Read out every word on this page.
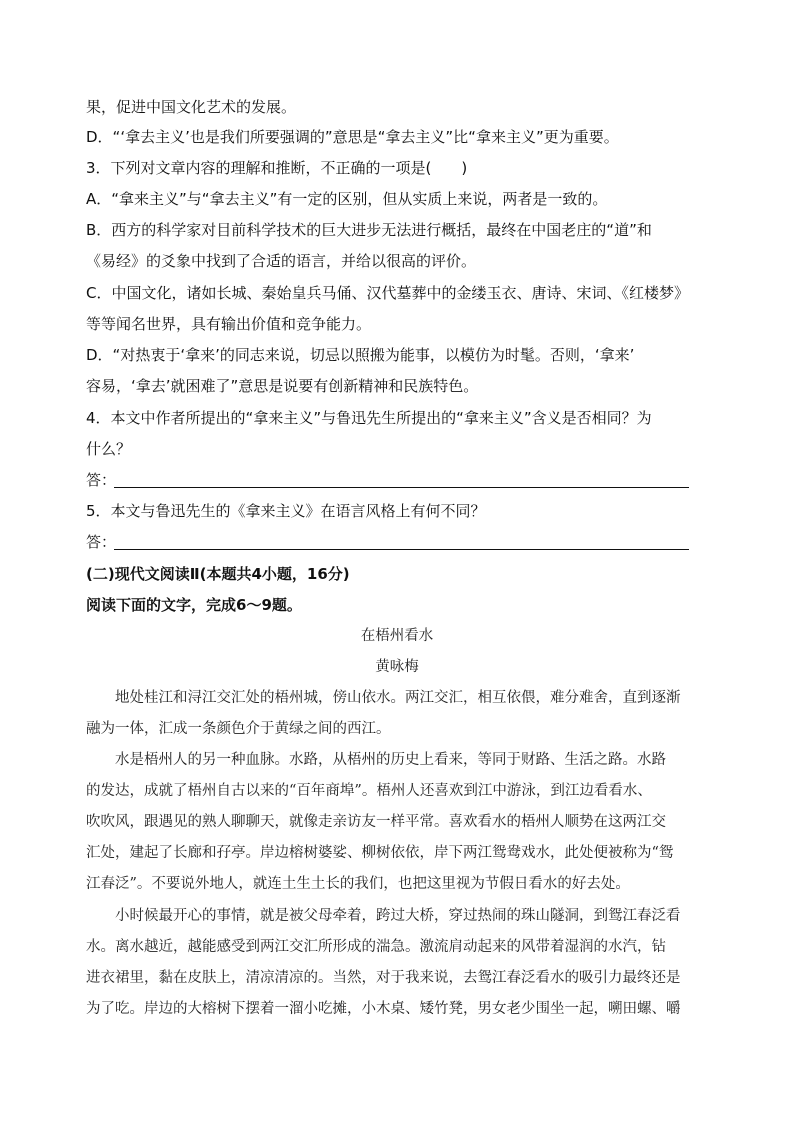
果，促进中国文化艺术的发展。
D．“‘拿去主义’也是我们所要强调的”意思是“拿去主义”比“拿来主义”更为重要。
3．下列对文章内容的理解和推断，不正确的一项是(　　)
A．“拿来主义”与“拿去主义”有一定的区别，但从实质上来说，两者是一致的。
B．西方的科学家对目前科学技术的巨大进步无法进行概括，最终在中国老庄的“道”和
《易经》的爻象中找到了合适的语言，并给以很高的评价。
C．中国文化，诸如长城、秦始皇兵马俑、汉代墓葬中的金缕玉衣、唐诗、宋词、《红楼梦》
等等闻名世界，具有输出价值和竞争能力。
D．“对热衷于‘拿来’的同志来说，切忌以照搬为能事，以模仿为时髦。否则，‘拿来’
容易，‘拿去’就困难了”意思是说要有创新精神和民族特色。
4．本文中作者所提出的“拿来主义”与鲁迅先生所提出的“拿来主义”含义是否相同？为
什么？
答：
5．本文与鲁迅先生的《拿来主义》在语言风格上有何不同？
答：
(二)现代文阅读Ⅱ(本题共4小题，16分)
阅读下面的文字，完成6～9题。
在梧州看水
黄咏梅
　　地处桂江和浔江交汇处的梧州城，傍山依水。两江交汇，相互依偎，难分难舍，直到逐渐
融为一体，汇成一条颜色介于黄绿之间的西江。
　　水是梧州人的另一种血脉。水路，从梧州的历史上看来，等同于财路、生活之路。水路
的发达，成就了梧州自古以来的“百年商埠”。梧州人还喜欢到江中游泳，到江边看看水、
吹吹风，跟遇见的熟人聊聊天，就像走亲访友一样平常。喜欢看水的梧州人顺势在这两江交
汇处，建起了长廊和孖亭。岸边榕树婆娑、柳树依依，岸下两江鸳鸯戏水，此处便被称为“鸳
江春泛”。不要说外地人，就连土生土长的我们，也把这里视为节假日看水的好去处。
　　小时候最开心的事情，就是被父母牵着，跨过大桥，穿过热闹的珠山隧洞，到鸳江春泛看
水。离水越近，越能感受到两江交汇所形成的湍急。激流肩动起来的风带着湿润的水汽，钻
进衣裙里，黏在皮肤上，清凉清凉的。当然，对于我来说，去鸳江春泛看水的吸引力最终还是
为了吃。岸边的大榕树下摆着一溜小吃摊，小木桌、矮竹凳，男女老少围坐一起，嗍田螺、嚼
